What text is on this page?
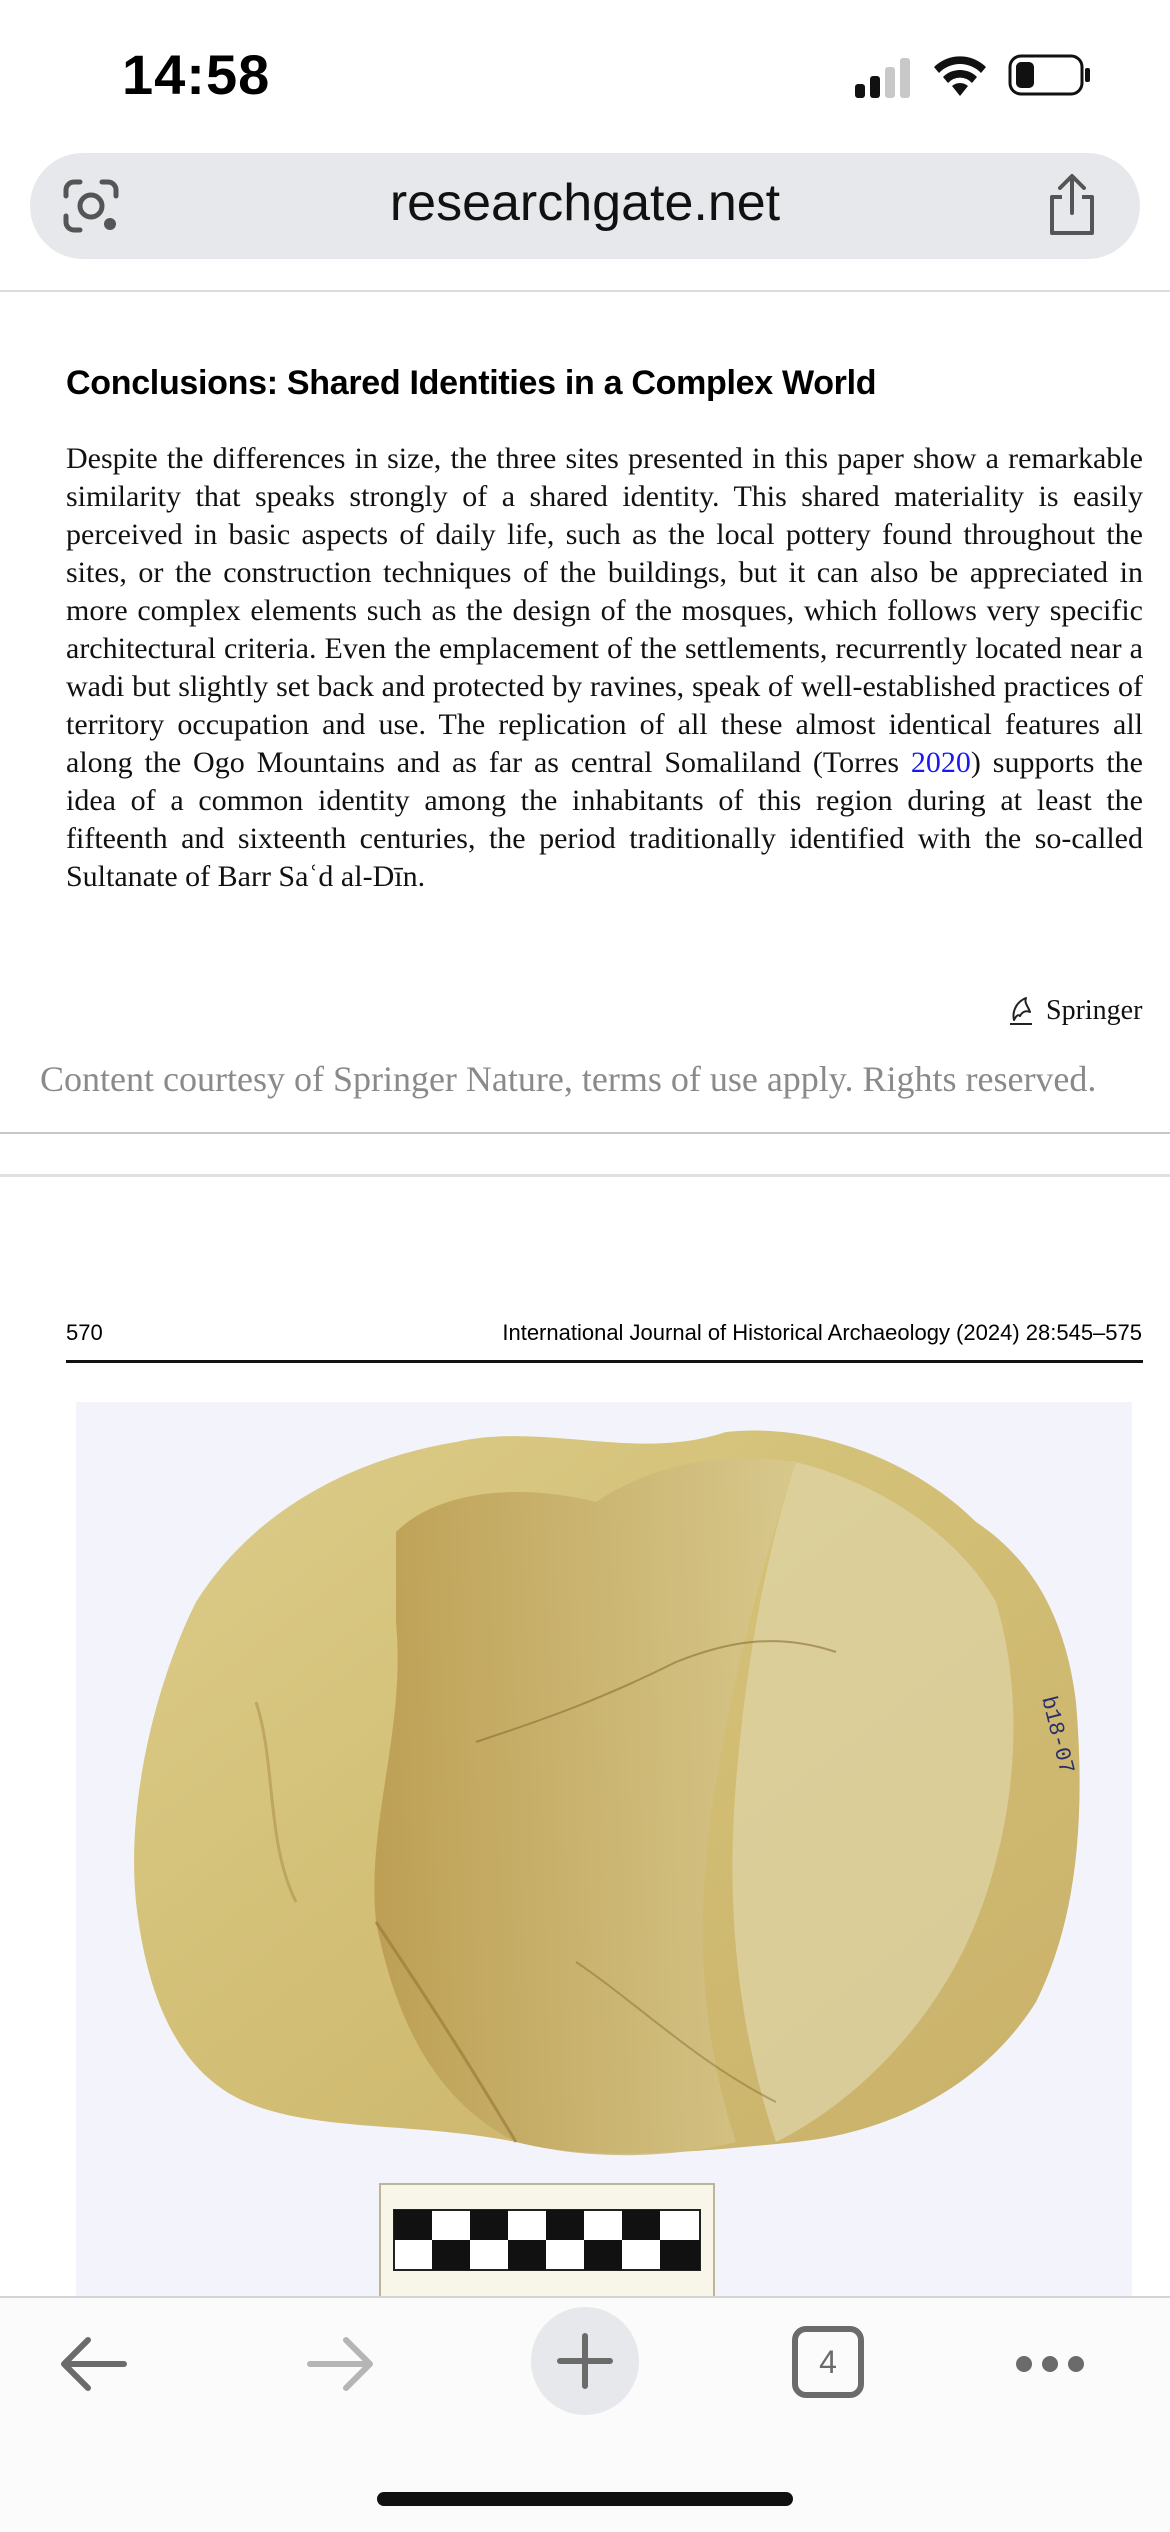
14:58
researchgate.net
Conclusions: Shared Identities in a Complex World

Despite the differences in size, the three sites presented in this paper show a remarkable similarity that speaks strongly of a shared identity. This shared materiality is easily perceived in basic aspects of daily life, such as the local pottery found throughout the sites, or the construction techniques of the buildings, but it can also be appreciated in more complex elements such as the design of the mosques, which follows very specific architectural criteria. Even the emplacement of the settlements, recurrently located near a wadi but slightly set back and protected by ravines, speak of well-established practices of territory occupation and use. The replication of all these almost identical features all along the Ogo Mountains and as far as central Somaliland (Torres 2020) supports the idea of a common identity among the inhabitants of this region during at least the fifteenth and sixteenth centuries, the period traditionally identified with the so-called Sultanate of Barr Saʿd al-Dīn.

Springer
Content courtesy of Springer Nature, terms of use apply. Rights reserved.
570	International Journal of Historical Archaeology (2024) 28:545–575
b18-07
4
